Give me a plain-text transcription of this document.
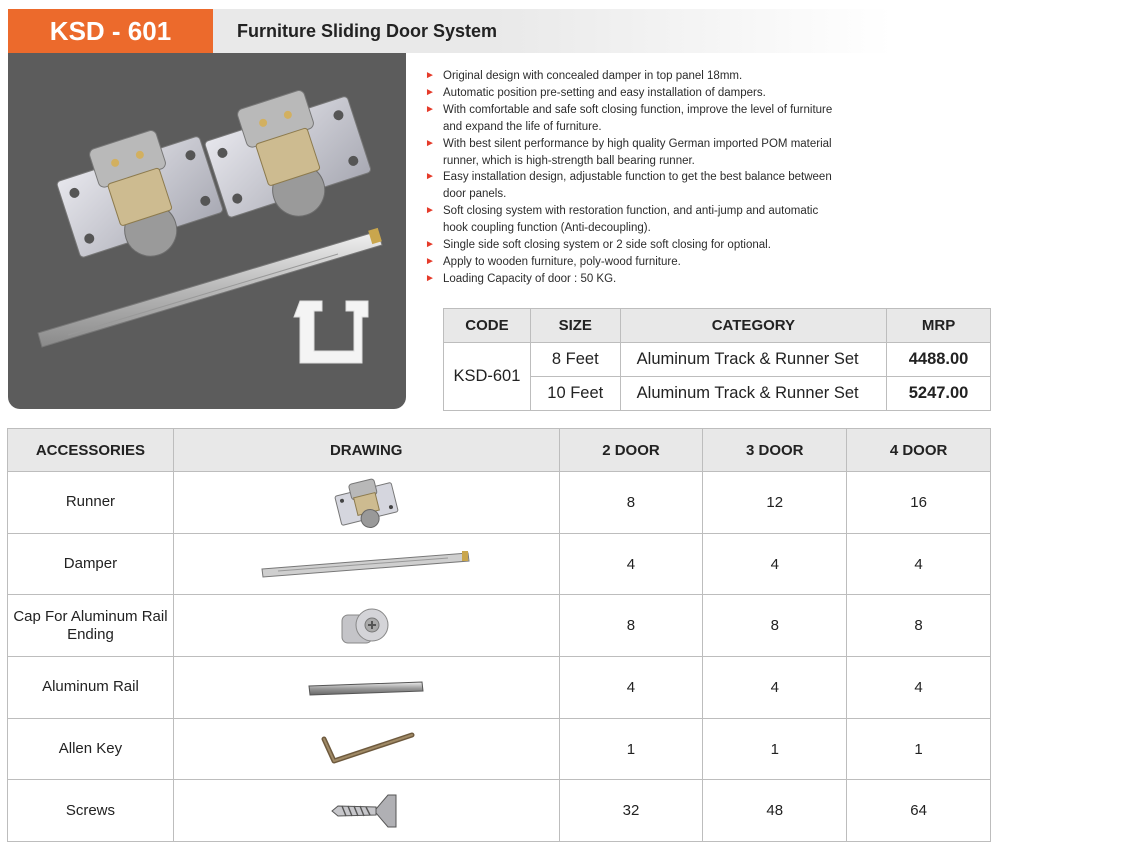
KSD - 601	Furniture Sliding Door System
► Original design with concealed damper in top panel 18mm.
► Automatic position pre-setting and easy installation of dampers.
► With comfortable and safe soft closing function, improve the level of furniture and expand the life of furniture.
► With best silent performance by high quality German imported POM material runner, which is high-strength ball bearing runner.
► Easy installation design, adjustable function to get the best balance between door panels.
► Soft closing system with restoration function, and anti-jump and automatic hook coupling function (Anti-decoupling).
► Single side soft closing system or 2 side soft closing for optional.
► Apply to wooden furniture, poly-wood furniture.
► Loading Capacity of door : 50 KG.
CODE	SIZE	CATEGORY	MRP
KSD-601	8 Feet	Aluminum Track & Runner Set	4488.00
	10 Feet	Aluminum Track & Runner Set	5247.00
ACCESSORIES	DRAWING	2 DOOR	3 DOOR	4 DOOR
Runner		8	12	16
Damper		4	4	4
Cap For Aluminum Rail Ending		8	8	8
Aluminum Rail		4	4	4
Allen Key		1	1	1
Screws		32	48	64
